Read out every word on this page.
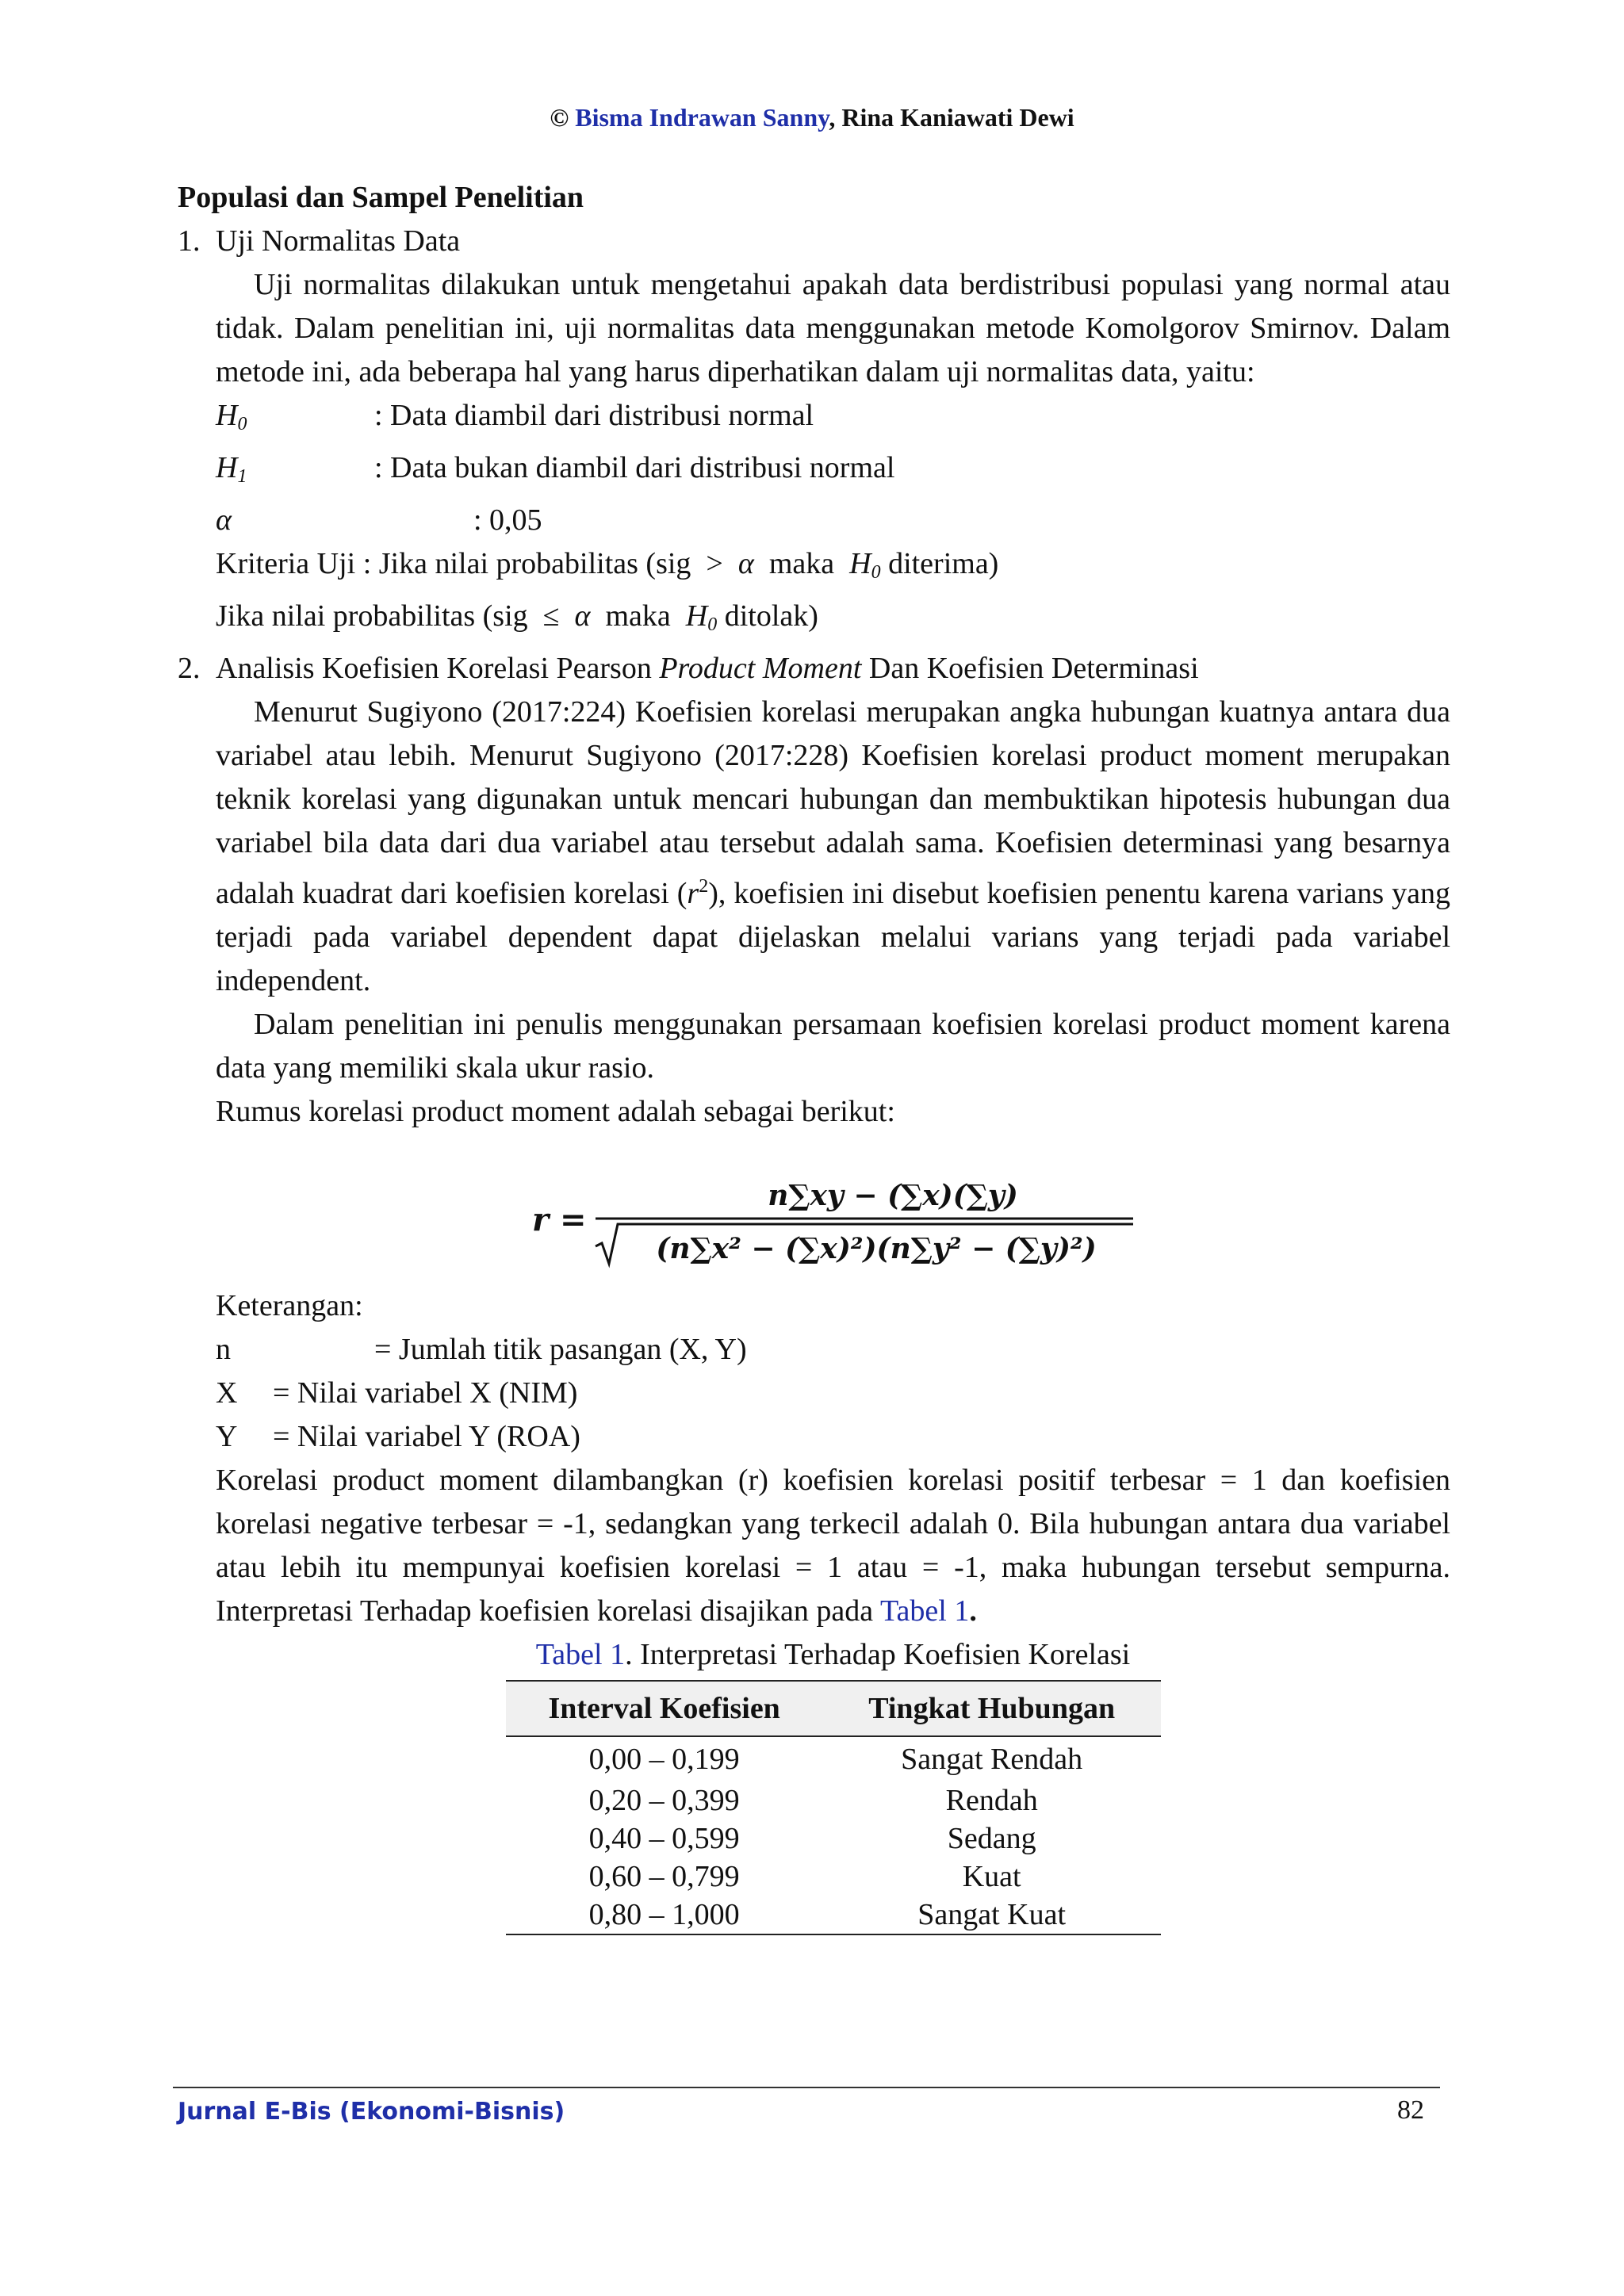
© Bisma Indrawan Sanny, Rina Kaniawati Dewi

Populasi dan Sampel Penelitian

1. Uji Normalitas Data

Uji normalitas dilakukan untuk mengetahui apakah data berdistribusi populasi yang normal atau tidak. Dalam penelitian ini, uji normalitas data menggunakan metode Komolgorov Smirnov. Dalam metode ini, ada beberapa hal yang harus diperhatikan dalam uji normalitas data, yaitu:

$H_0$	: Data diambil dari distribusi normal
$H_1$	: Data bukan diambil dari distribusi normal
α	: 0,05

Kriteria Uji : Jika nilai probabilitas (sig  >  α  maka  $H_0$ diterima)

Jika nilai probabilitas (sig  ≤  α  maka  $H_0$ ditolak)

2. Analisis Koefisien Korelasi Pearson Product Moment Dan Koefisien Determinasi

Menurut Sugiyono (2017:224) Koefisien korelasi merupakan angka hubungan kuatnya antara dua variabel atau lebih. Menurut Sugiyono (2017:228) Koefisien korelasi product moment merupakan teknik korelasi yang digunakan untuk mencari hubungan dan membuktikan hipotesis hubungan dua variabel bila data dari dua variabel atau tersebut adalah sama. Koefisien determinasi yang besarnya adalah kuadrat dari koefisien korelasi $(r^2)$, koefisien ini disebut koefisien penentu karena varians yang terjadi pada variabel dependent dapat dijelaskan melalui varians yang terjadi pada variabel independent.

Dalam penelitian ini penulis menggunakan persamaan koefisien korelasi product moment karena data yang memiliki skala ukur rasio.

Rumus korelasi product moment adalah sebagai berikut:

r =
n∑xy − (∑x)(∑y)
(n∑x² − (∑x)²)(n∑y² − (∑y)²)

Keterangan:

n	= Jumlah titik pasangan (X, Y)
X	= Nilai variabel X (NIM)
Y	= Nilai variabel Y (ROA)

Korelasi product moment dilambangkan (r) koefisien korelasi positif terbesar = 1 dan koefisien korelasi negative terbesar = -1, sedangkan yang terkecil adalah 0. Bila hubungan antara dua variabel atau lebih itu mempunyai koefisien korelasi = 1 atau = -1, maka hubungan tersebut sempurna. Interpretasi Terhadap koefisien korelasi disajikan pada Tabel 1.

Tabel 1. Interpretasi Terhadap Koefisien Korelasi

Interval Koefisien	Tingkat Hubungan
0,00 – 0,199	Sangat Rendah
0,20 – 0,399	Rendah
0,40 – 0,599	Sedang
0,60 – 0,799	Kuat
0,80 – 1,000	Sangat Kuat
Jurnal E-Bis (Ekonomi-Bisnis)	82
